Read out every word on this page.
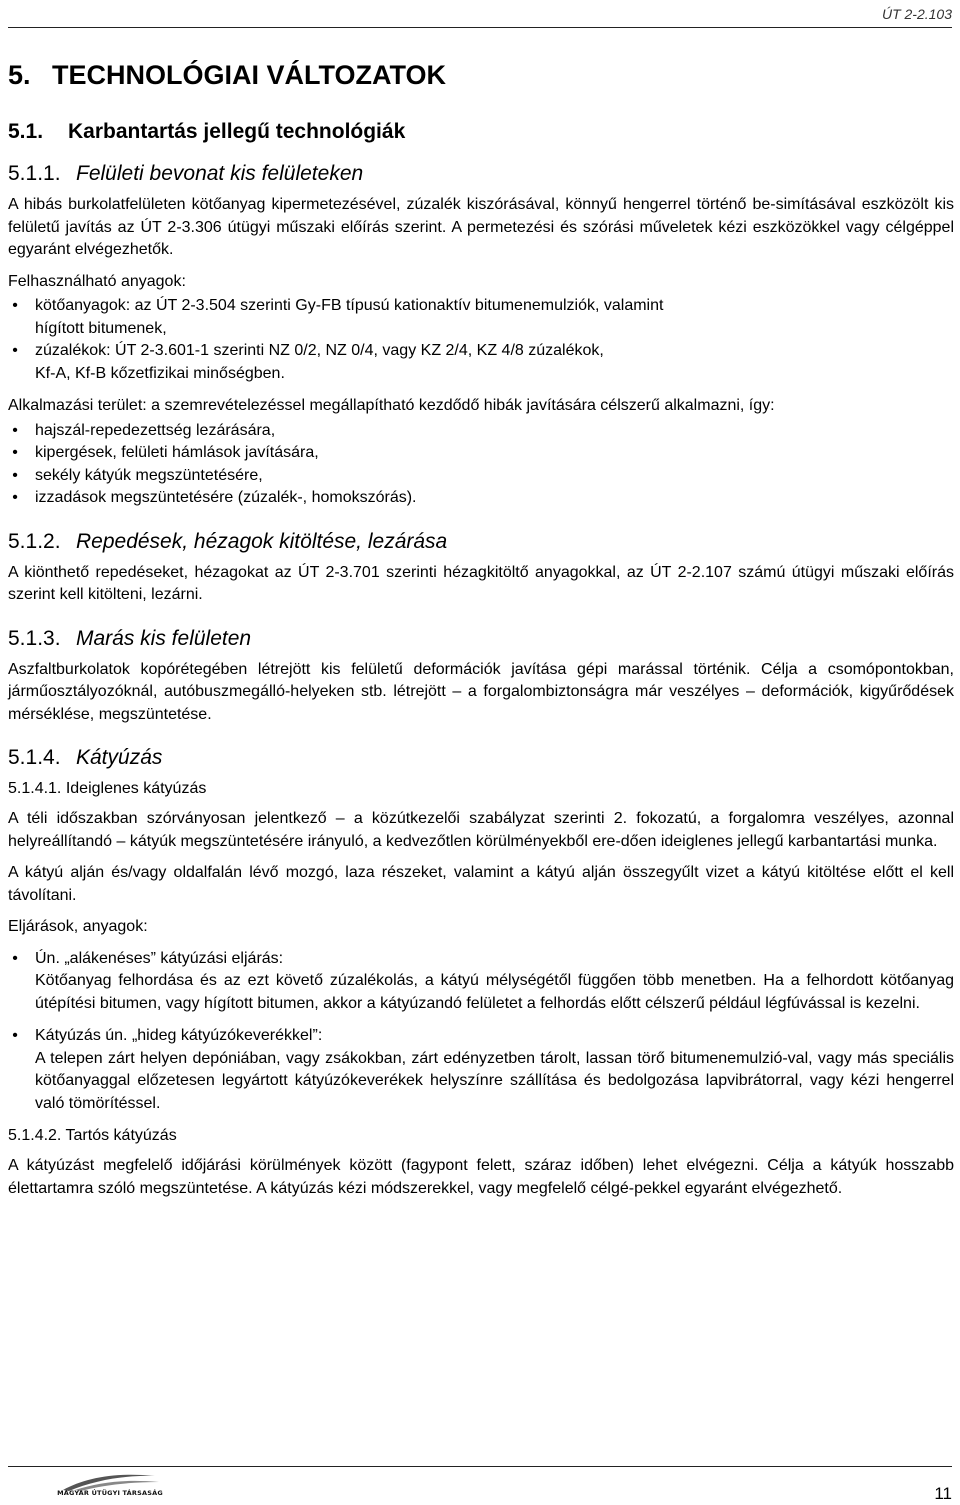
ÚT 2-2.103
5. TECHNOLÓGIAI VÁLTOZATOK
5.1. Karbantartás jellegű technológiák
5.1.1. Felületi bevonat kis felületeken

A hibás burkolatfelületen kötőanyag kipermetezésével, zúzalék kiszórásával, könnyű hengerrel történő be-simításával eszközölt kis felületű javítás az ÚT 2-3.306 útügyi műszaki előírás szerint. A permetezési és szórási műveletek kézi eszközökkel vagy célgéppel egyaránt elvégezhetők.

Felhasználható anyagok:

• kötőanyagok: az ÚT 2-3.504 szerinti Gy-FB típusú kationaktív bitumenemulziók, valamint
hígított bitumenek,
• zúzalékok: ÚT 2-3.601-1 szerinti NZ 0/2, NZ 0/4, vagy KZ 2/4, KZ 4/8 zúzalékok,
Kf-A, Kf-B kőzetfizikai minőségben.

Alkalmazási terület: a szemrevételezéssel megállapítható kezdődő hibák javítására célszerű alkalmazni, így:

• hajszál-repedezettség lezárására,
• kipergések, felületi hámlások javítására,
• sekély kátyúk megszüntetésére,
• izzadások megszüntetésére (zúzalék-, homokszórás).
5.1.2. Repedések, hézagok kitöltése, lezárása

A kiönthető repedéseket, hézagokat az ÚT 2-3.701 szerinti hézagkitöltő anyagokkal, az ÚT 2-2.107 számú útügyi műszaki előírás szerint kell kitölteni, lezárni.

5.1.3. Marás kis felületen

Aszfaltburkolatok kopórétegében létrejött kis felületű deformációk javítása gépi marással történik. Célja a csomópontokban, járműosztályozóknál, autóbuszmegálló-helyeken stb. létrejött – a forgalombiztonságra már veszélyes – deformációk, kigyűrődések mérséklése, megszüntetése.

5.1.4. Kátyúzás
5.1.4.1. Ideiglenes kátyúzás

A téli időszakban szórványosan jelentkező – a közútkezelői szabályzat szerinti 2. fokozatú, a forgalomra veszélyes, azonnal helyreállítandó – kátyúk megszüntetésére irányuló, a kedvezőtlen körülményekből ere-dően ideiglenes jellegű karbantartási munka.

A kátyú alján és/vagy oldalfalán lévő mozgó, laza részeket, valamint a kátyú alján összegyűlt vizet a kátyú kitöltése előtt el kell távolítani.

Eljárások, anyagok:

• Ún. „alákenéses” kátyúzási eljárás:
Kötőanyag felhordása és az ezt követő zúzalékolás, a kátyú mélységétől függően több menetben. Ha a felhordott kötőanyag útépítési bitumen, vagy hígított bitumen, akkor a kátyúzandó felületet a felhordás előtt célszerű például légfúvással is kezelni.
• Kátyúzás ún. „hideg kátyúzókeverékkel”:
A telepen zárt helyen depóniában, vagy zsákokban, zárt edényzetben tárolt, lassan törő bitumenemulzió-val, vagy más speciális kötőanyaggal előzetesen legyártott kátyúzókeverékek helyszínre szállítása és bedolgozása lapvibrátorral, vagy kézi hengerrel való tömörítéssel.
5.1.4.2. Tartós kátyúzás

A kátyúzást megfelelő időjárási körülmények között (fagypont felett, száraz időben) lehet elvégezni. Célja a kátyúk hosszabb élettartamra szóló megszüntetése. A kátyúzás kézi módszerekkel, vagy megfelelő célgé-pekkel egyaránt elvégezhető.

MAGYAR ÚTÜGYI TÁRSASÁG	11
